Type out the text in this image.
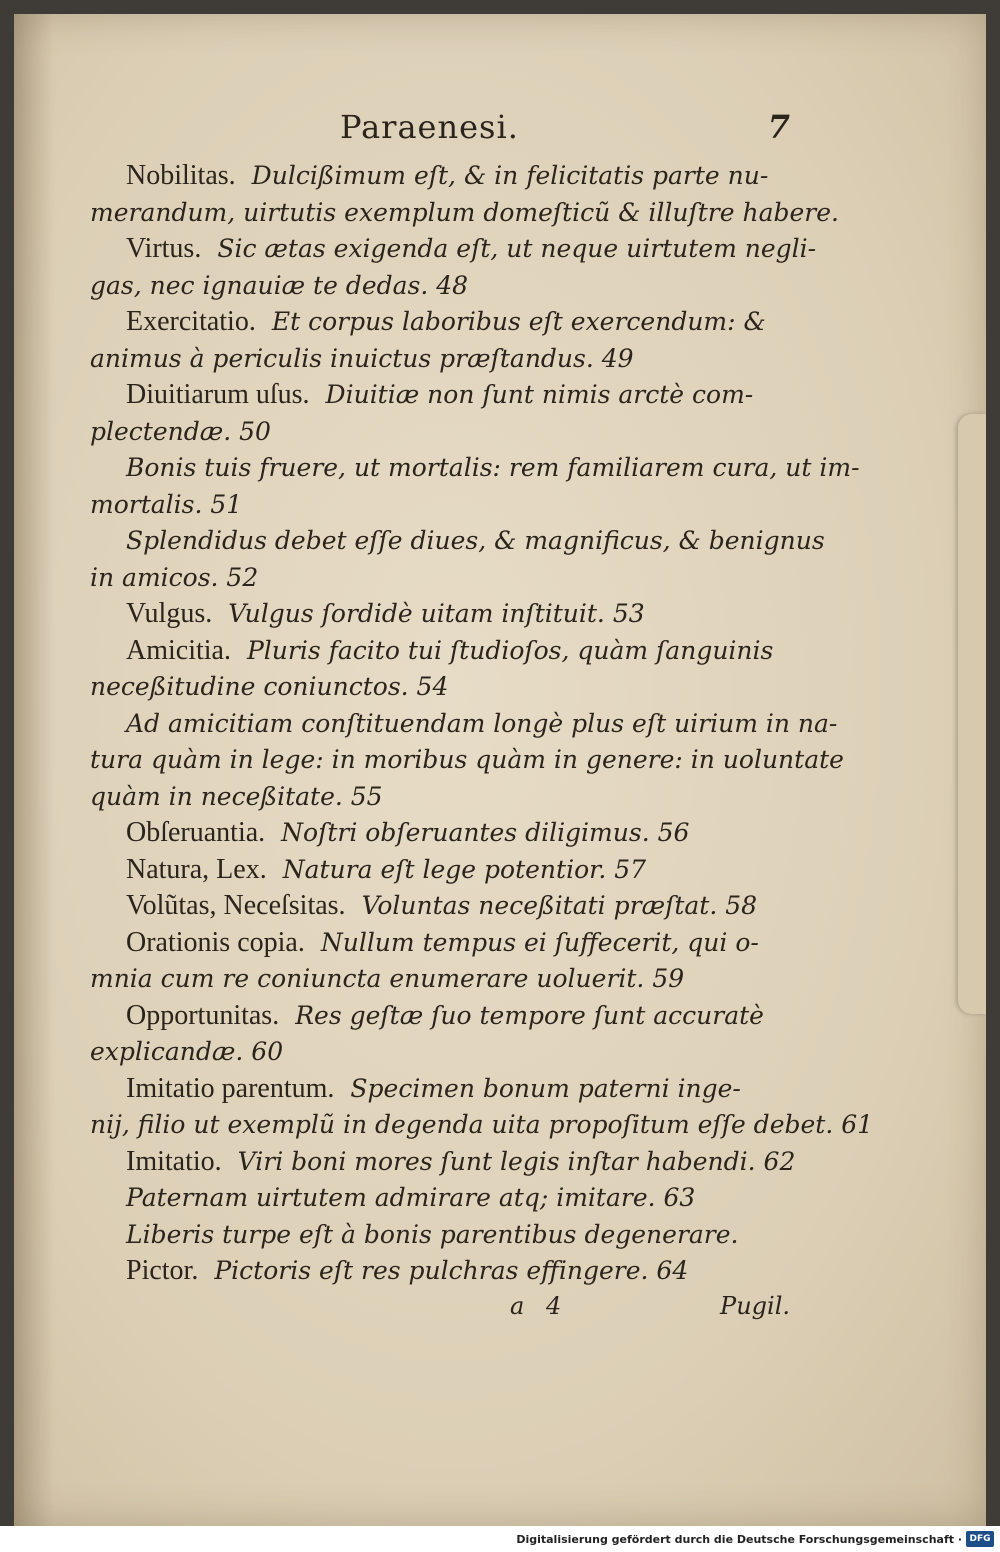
Paraenesi.	7
Nobilitas. Dulcißimum eſt, & in felicitatis parte nu-
merandum, uirtutis exemplum domeſticũ & illuſtre habere.
Virtus. Sic ætas exigenda eſt, ut neque uirtutem negli-
gas, nec ignauiæ te dedas. 48
Exercitatio. Et corpus laboribus eſt exercendum: &
animus à periculis inuictus præſtandus. 49
Diuitiarum uſus. Diuitiæ non ſunt nimis arctè com-
plectendæ. 50
Bonis tuis fruere, ut mortalis: rem familiarem cura, ut im-
mortalis. 51
Splendidus debet eſſe diues, & magnificus, & benignus
in amicos. 52
Vulgus. Vulgus ſordidè uitam inſtituit. 53
Amicitia. Pluris facito tui ſtudioſos, quàm ſanguinis
neceßitudine coniunctos. 54
Ad amicitiam conſtituendam longè plus eſt uirium in na-
tura quàm in lege: in moribus quàm in genere: in uoluntate
quàm in neceßitate. 55
Obſeruantia. Noſtri obſeruantes diligimus. 56
Natura, Lex. Natura eſt lege potentior. 57
Volũtas, Neceſsitas. Voluntas neceßitati præſtat. 58
Orationis copia. Nullum tempus ei ſuffecerit, qui o-
mnia cum re coniuncta enumerare uoluerit. 59
Opportunitas. Res geſtæ ſuo tempore ſunt accuratè
explicandæ. 60
Imitatio parentum. Specimen bonum paterni inge-
nij, filio ut exemplũ in degenda uita propoſitum eſſe debet. 61
Imitatio. Viri boni mores ſunt legis inſtar habendi. 62
Paternam uirtutem admirare atq; imitare. 63
Liberis turpe eſt à bonis parentibus degenerare.
Pictor. Pictoris eſt res pulchras effingere. 64
a 4	Pugil.
Digitalisierung gefördert durch die Deutsche Forschungsgemeinschaft · DFG
